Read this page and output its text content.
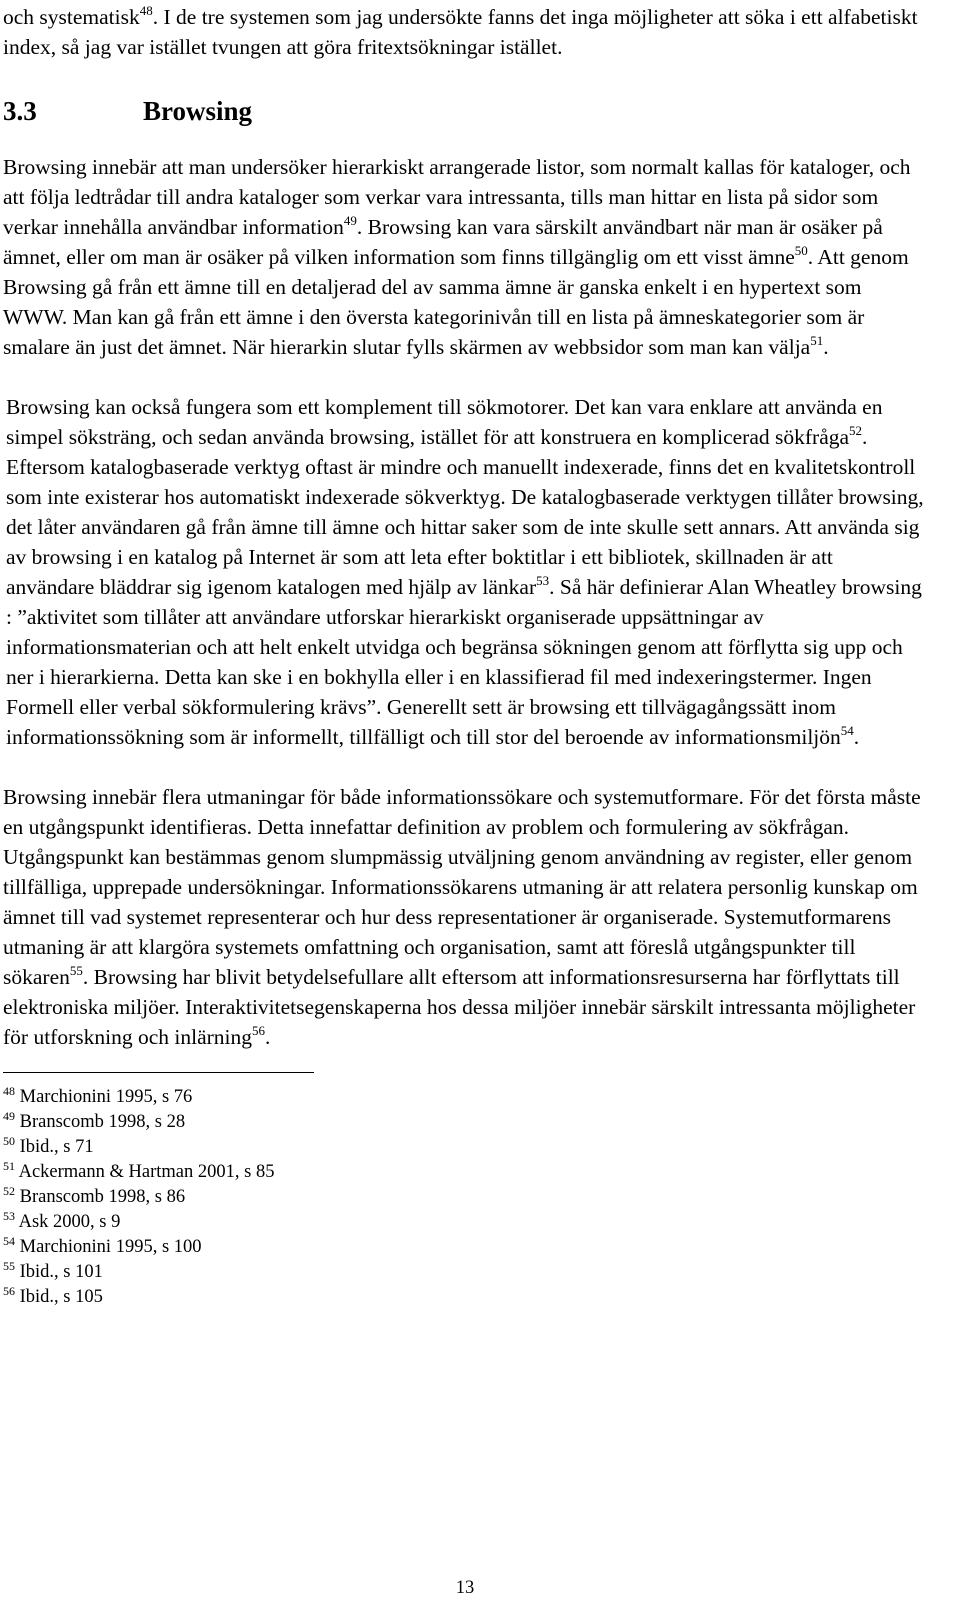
och systematisk$^{48}$. I de tre systemen som jag undersökte fanns det inga möjligheter att söka i ett alfabetiskt index, så jag var istället tvungen att göra fritextsökningar istället.

3.3	Browsing

Browsing innebär att man undersöker hierarkiskt arrangerade listor, som normalt kallas för kataloger, och att följa ledtrådar till andra kataloger som verkar vara intressanta, tills man hittar en lista på sidor som verkar innehålla användbar information$^{49}$. Browsing kan vara särskilt användbart när man är osäker på ämnet, eller om man är osäker på vilken information som finns tillgänglig om ett visst ämne$^{50}$. Att genom Browsing gå från ett ämne till en detaljerad del av samma ämne är ganska enkelt i en hypertext som WWW. Man kan gå från ett ämne i den översta kategorinivån till en lista på ämneskategorier som är smalare än just det ämnet. När hierarkin slutar fylls skärmen av webbsidor som man kan välja$^{51}$.

Browsing kan också fungera som ett komplement till sökmotorer. Det kan vara enklare att använda en simpel söksträng, och sedan använda browsing, istället för att konstruera en komplicerad sökfråga$^{52}$. Eftersom katalogbaserade verktyg oftast är mindre och manuellt indexerade, finns det en kvalitetskontroll som inte existerar hos automatiskt indexerade sökverktyg. De katalogbaserade verktygen tillåter browsing, det låter användaren gå från ämne till ämne och hittar saker som de inte skulle sett annars. Att använda sig av browsing i en katalog på Internet är som att leta efter boktitlar i ett bibliotek, skillnaden är att användare bläddrar sig igenom katalogen med hjälp av länkar$^{53}$. Så här definierar Alan Wheatley browsing : ”aktivitet som tillåter att användare utforskar hierarkiskt organiserade uppsättningar av informationsmaterian och att helt enkelt utvidga och begränsa sökningen genom att förflytta sig upp och ner i hierarkierna. Detta kan ske i en bokhylla eller i en klassifierad fil med indexeringstermer. Ingen Formell eller verbal sökformulering krävs”. Generellt sett är browsing ett tillvägagångssätt inom informationssökning som är informellt, tillfälligt och till stor del beroende av informationsmiljön$^{54}$.

Browsing innebär flera utmaningar för både informationssökare och systemutformare. För det första måste en utgångspunkt identifieras. Detta innefattar definition av problem och formulering av sökfrågan. Utgångspunkt kan bestämmas genom slumpmässig utväljning genom användning av register, eller genom tillfälliga, upprepade undersökningar. Informationssökarens utmaning är att relatera personlig kunskap om ämnet till vad systemet representerar och hur dess representationer är organiserade. Systemutformarens utmaning är att klargöra systemets omfattning och organisation, samt att föreslå utgångspunkter till sökaren$^{55}$. Browsing har blivit betydelsefullare allt eftersom att informationsresurserna har förflyttats till elektroniska miljöer. Interaktivitetsegenskaperna hos dessa miljöer innebär särskilt intressanta möjligheter för utforskning och inlärning$^{56}$.

$^{48}$ Marchionini 1995, s 76
$^{49}$ Branscomb 1998, s 28
$^{50}$ Ibid., s 71
$^{51}$ Ackermann & Hartman 2001, s 85
$^{52}$ Branscomb 1998, s 86
$^{53}$ Ask 2000, s 9
$^{54}$ Marchionini 1995, s 100
$^{55}$ Ibid., s 101
$^{56}$ Ibid., s 105
13
